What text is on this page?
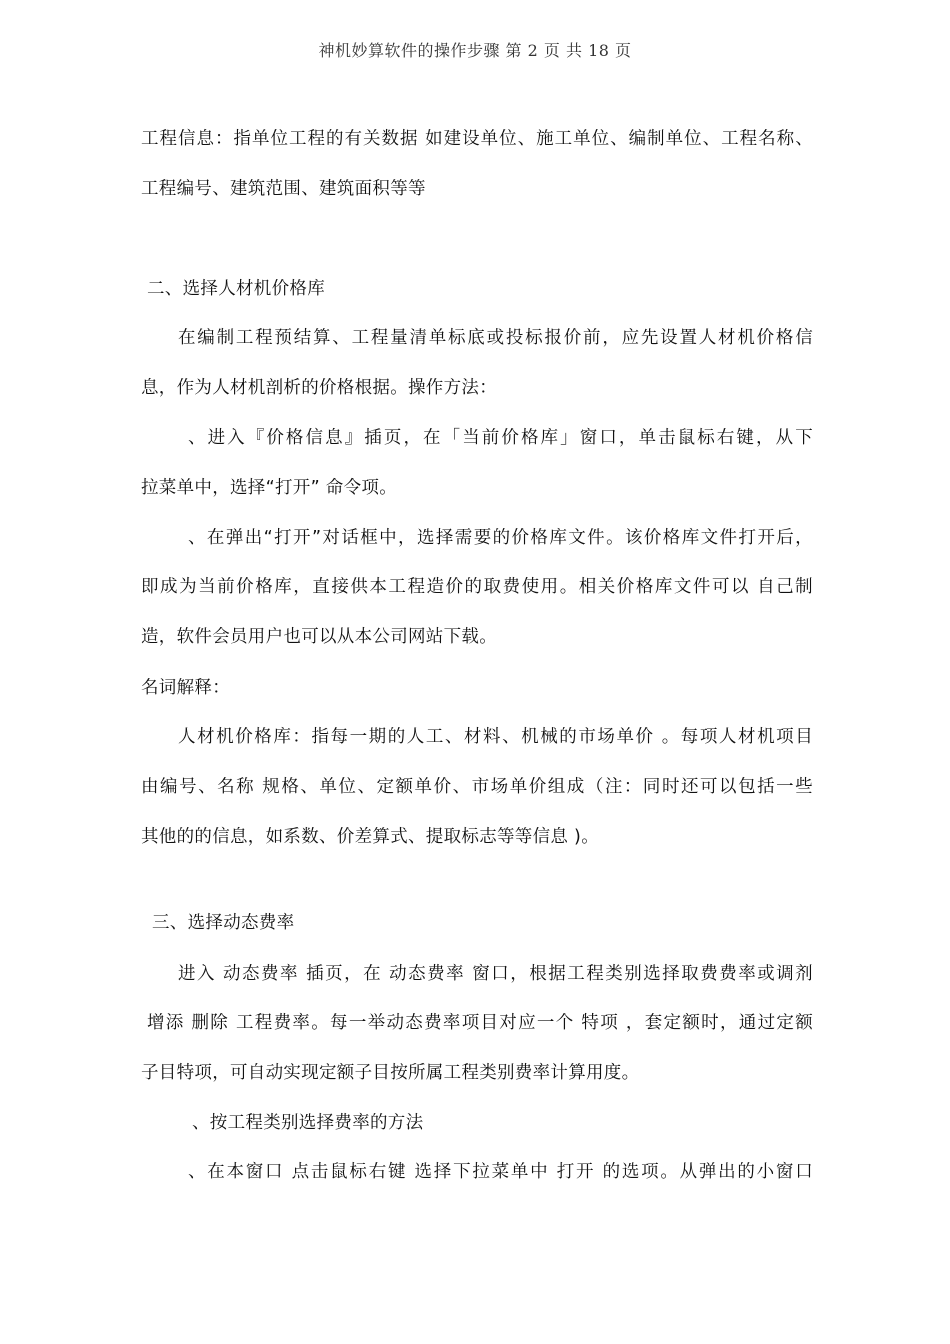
神机妙算软件的操作步骤 第 2 页 共 18 页
工程信息：指单位工程的有关数据 如建设单位、施工单位、编制单位、工程名称、
工程编号、建筑范围、建筑面积等等
二、选择人材机价格库
在编制工程预结算、工程量清单标底或投标报价前，应先设置人材机价格信
息，作为人材机剖析的价格根据。操作方法：
、进入『价格信息』插页，在「当前价格库」窗口，单击鼠标右键，从下
拉菜单中，选择“打开” 命令项。
、在弹出“打开”对话框中，选择需要的价格库文件。该价格库文件打开后，
即成为当前价格库，直接供本工程造价的取费使用。相关价格库文件可以 自己制
造，软件会员用户也可以从本公司网站下载。
名词解释：
人材机价格库：指每一期的人工、材料、机械的市场单价 。每项人材机项目
由编号、名称 规格、单位、定额单价、市场单价组成（注：同时还可以包括一些
其他的的信息，如系数、价差算式、提取标志等等信息 )。
三、选择动态费率
进入 动态费率 插页，在 动态费率 窗口，根据工程类别选择取费费率或调剂
增添 删除 工程费率。每一举动态费率项目对应一个 特项 ，套定额时，通过定额
子目特项，可自动实现定额子目按所属工程类别费率计算用度。
、按工程类别选择费率的方法
、在本窗口 点击鼠标右键 选择下拉菜单中 打开 的选项。从弹出的小窗口
